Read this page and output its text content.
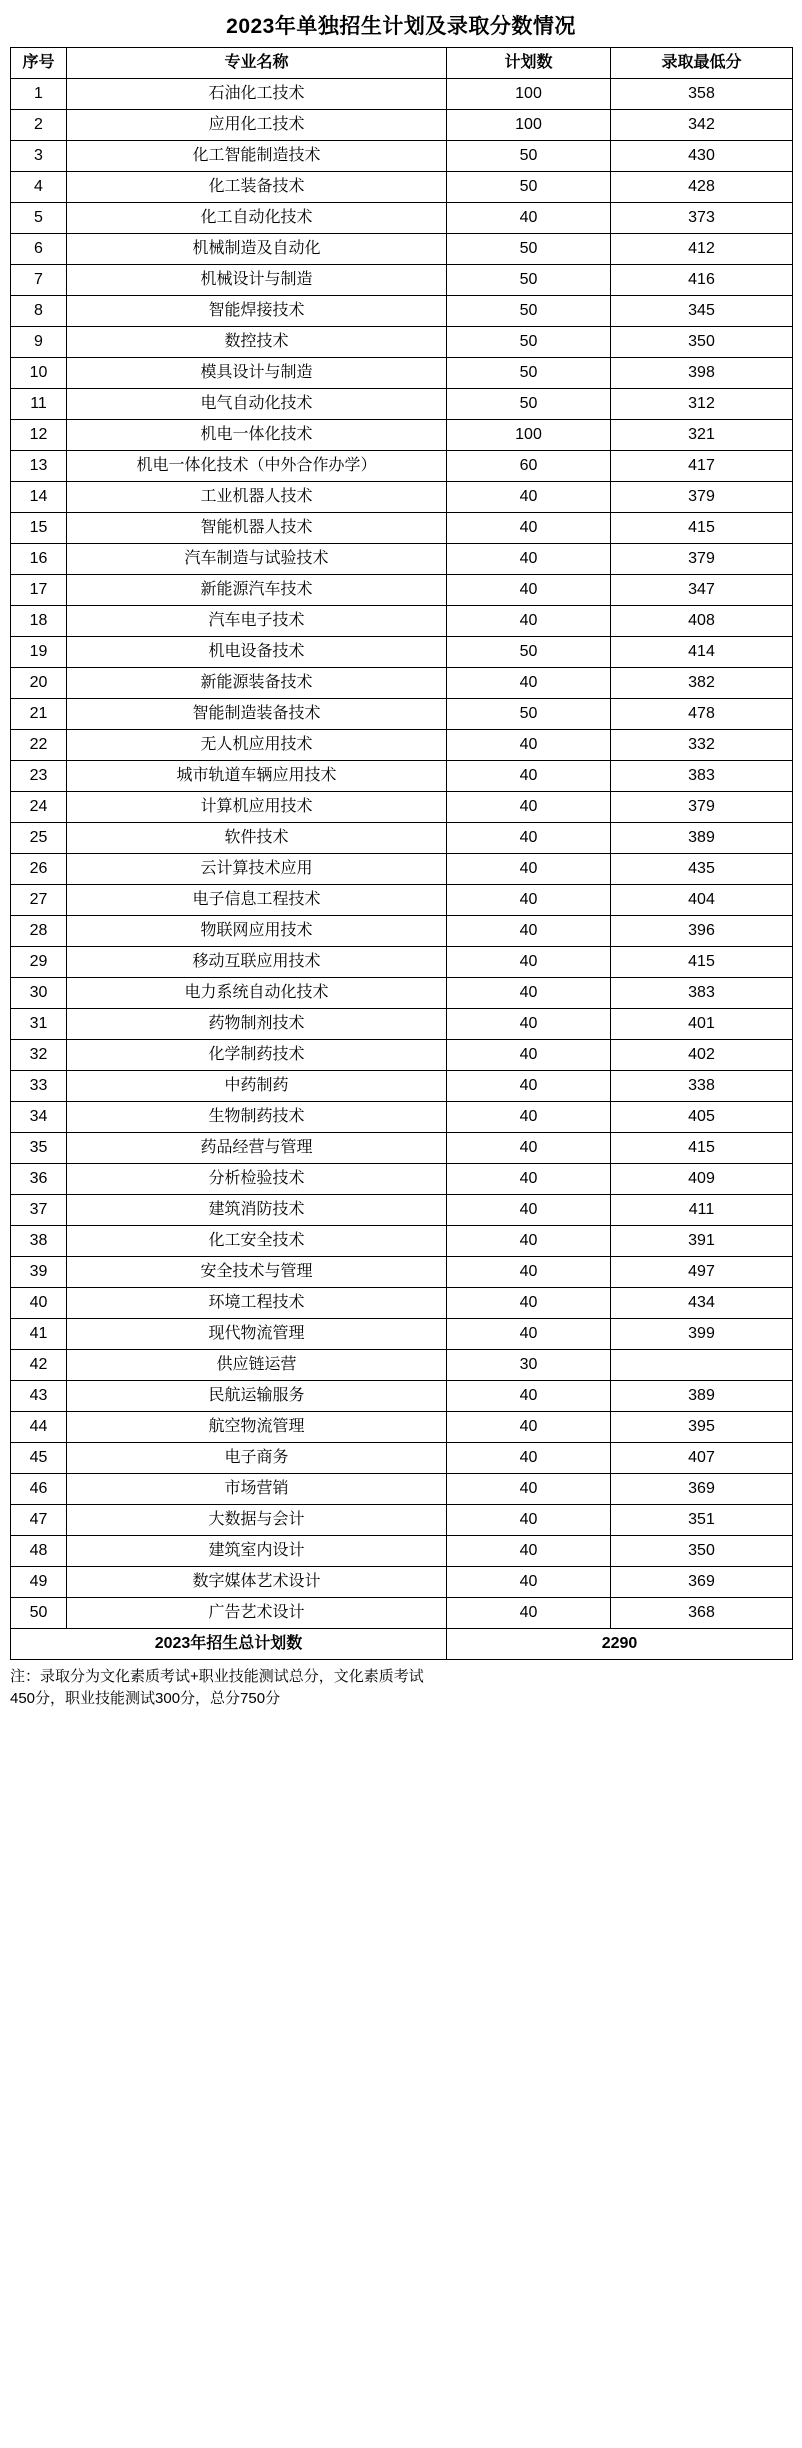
2023年单独招生计划及录取分数情况
序号	专业名称	计划数	录取最低分
1	石油化工技术	100	358
2	应用化工技术	100	342
3	化工智能制造技术	50	430
4	化工装备技术	50	428
5	化工自动化技术	40	373
6	机械制造及自动化	50	412
7	机械设计与制造	50	416
8	智能焊接技术	50	345
9	数控技术	50	350
10	模具设计与制造	50	398
11	电气自动化技术	50	312
12	机电一体化技术	100	321
13	机电一体化技术（中外合作办学）	60	417
14	工业机器人技术	40	379
15	智能机器人技术	40	415
16	汽车制造与试验技术	40	379
17	新能源汽车技术	40	347
18	汽车电子技术	40	408
19	机电设备技术	50	414
20	新能源装备技术	40	382
21	智能制造装备技术	50	478
22	无人机应用技术	40	332
23	城市轨道车辆应用技术	40	383
24	计算机应用技术	40	379
25	软件技术	40	389
26	云计算技术应用	40	435
27	电子信息工程技术	40	404
28	物联网应用技术	40	396
29	移动互联应用技术	40	415
30	电力系统自动化技术	40	383
31	药物制剂技术	40	401
32	化学制药技术	40	402
33	中药制药	40	338
34	生物制药技术	40	405
35	药品经营与管理	40	415
36	分析检验技术	40	409
37	建筑消防技术	40	411
38	化工安全技术	40	391
39	安全技术与管理	40	497
40	环境工程技术	40	434
41	现代物流管理	40	399
42	供应链运营	30	
43	民航运输服务	40	389
44	航空物流管理	40	395
45	电子商务	40	407
46	市场营销	40	369
47	大数据与会计	40	351
48	建筑室内设计	40	350
49	数字媒体艺术设计	40	369
50	广告艺术设计	40	368
2023年招生总计划数		2290	
注：录取分为文化素质考试+职业技能测试总分，文化素质考试
450分，职业技能测试300分，总分750分
